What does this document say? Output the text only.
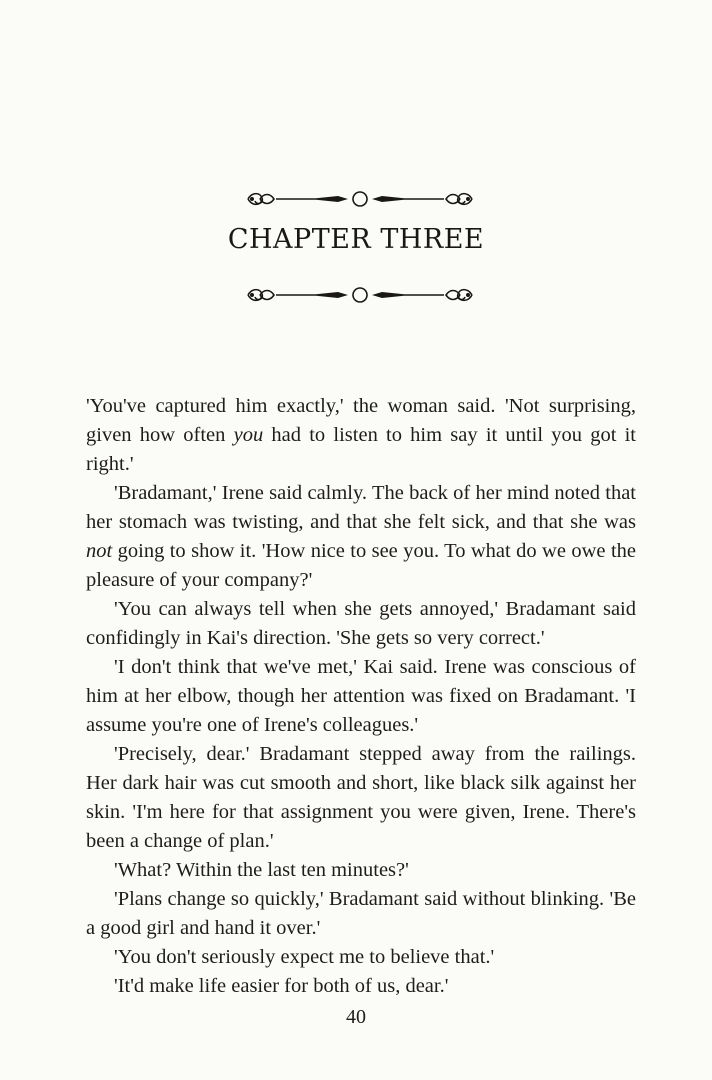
CHAPTER THREE

'You've captured him exactly,' the woman said. 'Not surprising, given how often you had to listen to him say it until you got it right.'

'Bradamant,' Irene said calmly. The back of her mind noted that her stomach was twisting, and that she felt sick, and that she was not going to show it. 'How nice to see you. To what do we owe the pleasure of your company?'

'You can always tell when she gets annoyed,' Bradamant said confidingly in Kai's direction. 'She gets so very correct.'

'I don't think that we've met,' Kai said. Irene was conscious of him at her elbow, though her attention was fixed on Bradamant. 'I assume you're one of Irene's colleagues.'

'Precisely, dear.' Bradamant stepped away from the railings. Her dark hair was cut smooth and short, like black silk against her skin. 'I'm here for that assignment you were given, Irene. There's been a change of plan.'

'What? Within the last ten minutes?'

'Plans change so quickly,' Bradamant said without blinking. 'Be a good girl and hand it over.'

'You don't seriously expect me to believe that.'

'It'd make life easier for both of us, dear.'

40
